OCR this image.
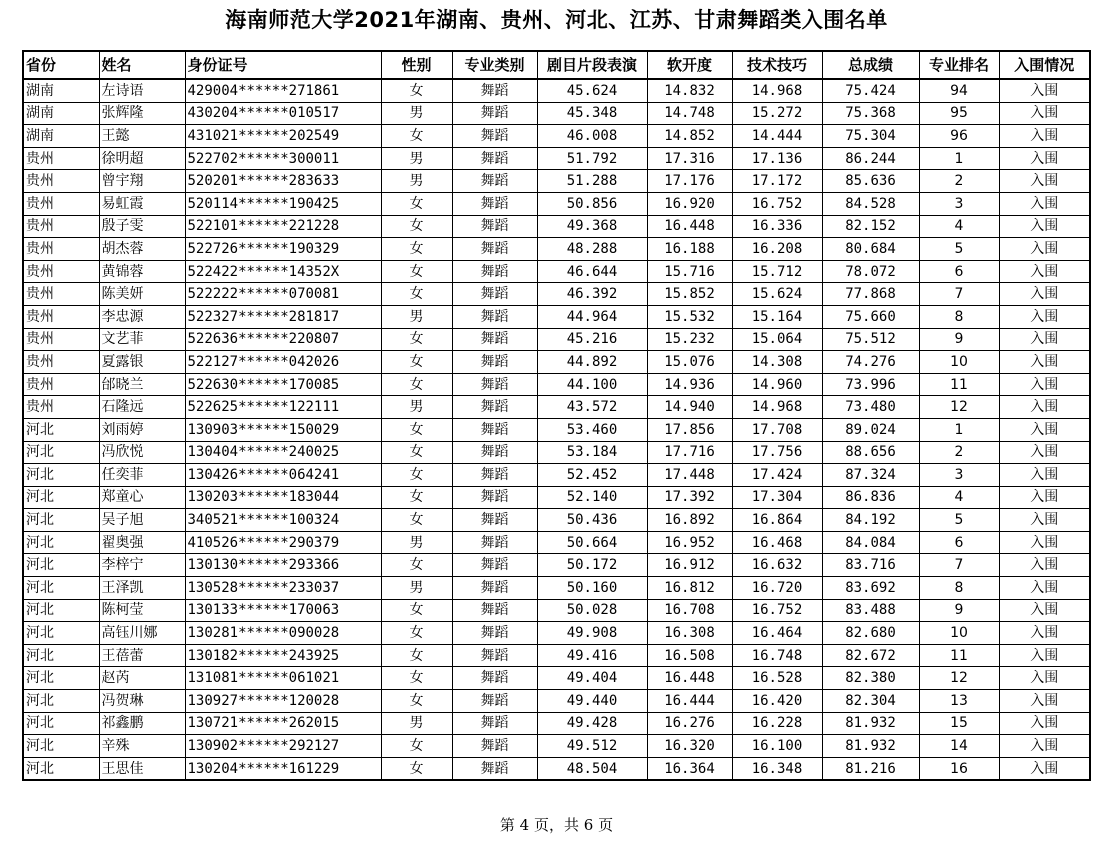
海南师范大学2021年湖南、贵州、河北、江苏、甘肃舞蹈类入围名单
省份	姓名	身份证号	性别	专业类别	剧目片段表演	软开度	技术技巧	总成绩	专业排名	入围情况
湖南	左诗语	429004******271861	女	舞蹈	45.624	14.832	14.968	75.424	94	入围
湖南	张辉隆	430204******010517	男	舞蹈	45.348	14.748	15.272	75.368	95	入围
湖南	王懿	431021******202549	女	舞蹈	46.008	14.852	14.444	75.304	96	入围
贵州	徐明超	522702******300011	男	舞蹈	51.792	17.316	17.136	86.244	1	入围
贵州	曾宇翔	520201******283633	男	舞蹈	51.288	17.176	17.172	85.636	2	入围
贵州	易虹霞	520114******190425	女	舞蹈	50.856	16.920	16.752	84.528	3	入围
贵州	殷子雯	522101******221228	女	舞蹈	49.368	16.448	16.336	82.152	4	入围
贵州	胡杰蓉	522726******190329	女	舞蹈	48.288	16.188	16.208	80.684	5	入围
贵州	黄锦蓉	522422******14352X	女	舞蹈	46.644	15.716	15.712	78.072	6	入围
贵州	陈美妍	522222******070081	女	舞蹈	46.392	15.852	15.624	77.868	7	入围
贵州	李忠源	522327******281817	男	舞蹈	44.964	15.532	15.164	75.660	8	入围
贵州	文艺菲	522636******220807	女	舞蹈	45.216	15.232	15.064	75.512	9	入围
贵州	夏露银	522127******042026	女	舞蹈	44.892	15.076	14.308	74.276	10	入围
贵州	邰晓兰	522630******170085	女	舞蹈	44.100	14.936	14.960	73.996	11	入围
贵州	石隆远	522625******122111	男	舞蹈	43.572	14.940	14.968	73.480	12	入围
河北	刘雨婷	130903******150029	女	舞蹈	53.460	17.856	17.708	89.024	1	入围
河北	冯欣悦	130404******240025	女	舞蹈	53.184	17.716	17.756	88.656	2	入围
河北	任奕菲	130426******064241	女	舞蹈	52.452	17.448	17.424	87.324	3	入围
河北	郑童心	130203******183044	女	舞蹈	52.140	17.392	17.304	86.836	4	入围
河北	吴子旭	340521******100324	女	舞蹈	50.436	16.892	16.864	84.192	5	入围
河北	翟奥强	410526******290379	男	舞蹈	50.664	16.952	16.468	84.084	6	入围
河北	李梓宁	130130******293366	女	舞蹈	50.172	16.912	16.632	83.716	7	入围
河北	王泽凯	130528******233037	男	舞蹈	50.160	16.812	16.720	83.692	8	入围
河北	陈柯莹	130133******170063	女	舞蹈	50.028	16.708	16.752	83.488	9	入围
河北	高钰川娜	130281******090028	女	舞蹈	49.908	16.308	16.464	82.680	10	入围
河北	王蓓蕾	130182******243925	女	舞蹈	49.416	16.508	16.748	82.672	11	入围
河北	赵芮	131081******061021	女	舞蹈	49.404	16.448	16.528	82.380	12	入围
河北	冯贺琳	130927******120028	女	舞蹈	49.440	16.444	16.420	82.304	13	入围
河北	祁鑫鹏	130721******262015	男	舞蹈	49.428	16.276	16.228	81.932	15	入围
河北	辛殊	130902******292127	女	舞蹈	49.512	16.320	16.100	81.932	14	入围
河北	王思佳	130204******161229	女	舞蹈	48.504	16.364	16.348	81.216	16	入围
第 4 页，共 6 页
